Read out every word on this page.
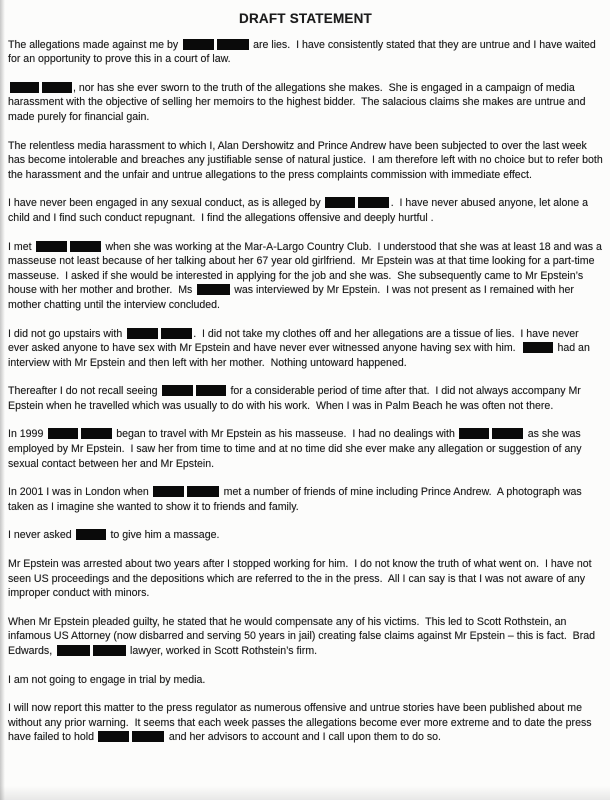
DRAFT STATEMENT

The allegations made against me by	are lies.  I have consistently stated that they are untrue and I have waited for an opportunity to prove this in a court of law.

, nor has she ever sworn to the truth of the allegations she makes.  She is engaged in a campaign of media harassment with the objective of selling her memoirs to the highest bidder.  The salacious claims she makes are untrue and made purely for financial gain.

The relentless media harassment to which I, Alan Dershowitz and Prince Andrew have been subjected to over the last week has become intolerable and breaches any justifiable sense of natural justice.  I am therefore left with no choice but to refer both the harassment and the unfair and untrue allegations to the press complaints commission with immediate effect.

I have never been engaged in any sexual conduct, as is alleged by	.  I have never abused anyone, let alone a child and I find such conduct repugnant.  I find the allegations offensive and deeply hurtful .

I met	when she was working at the Mar-A-Largo Country Club.  I understood that she was at least 18 and was a masseuse not least because of her talking about her 67 year old girlfriend.  Mr Epstein was at that time looking for a part-time masseuse.  I asked if she would be interested in applying for the job and she was.  She subsequently came to Mr Epstein’s house with her mother and brother.  Ms	was interviewed by Mr Epstein.  I was not present as I remained with her mother chatting until the interview concluded.

I did not go upstairs with	.  I did not take my clothes off and her allegations are a tissue of lies.  I have never  ever asked anyone to have sex with Mr Epstein and have never ever witnessed anyone having sex with him.	had an interview with Mr Epstein and then left with her mother.  Nothing untoward happened.

Thereafter I do not recall seeing	for a considerable period of time after that.  I did not always accompany Mr Epstein when he travelled which was usually to do with his work.  When I was in Palm Beach he was often not there.

In 1999	began to travel with Mr Epstein as his masseuse.  I had no dealings with	as she was employed by Mr Epstein.  I saw her from time to time and at no time did she ever make any allegation or suggestion of any sexual contact between her and Mr Epstein.

In 2001 I was in London when	met a number of friends of mine including Prince Andrew.  A photograph was taken as I imagine she wanted to show it to friends and family.

I never asked	to give him a massage.

Mr Epstein was arrested about two years after I stopped working for him.  I do not know the truth of what went on.  I have not seen US proceedings and the depositions which are referred to the in the press.  All I can say is that I was not aware of any improper conduct with minors.

When Mr Epstein pleaded guilty, he stated that he would compensate any of his victims.  This led to Scott Rothstein, an infamous US Attorney (now disbarred and serving 50 years in jail) creating false claims against Mr Epstein – this is fact.  Brad Edwards,	lawyer, worked in Scott Rothstein’s firm.

I am not going to engage in trial by media.

I will now report this matter to the press regulator as numerous offensive and untrue stories have been published about me without any prior warning.  It seems that each week passes the allegations become ever more extreme and to date the press have failed to hold	and her advisors to account and I call upon them to do so.
